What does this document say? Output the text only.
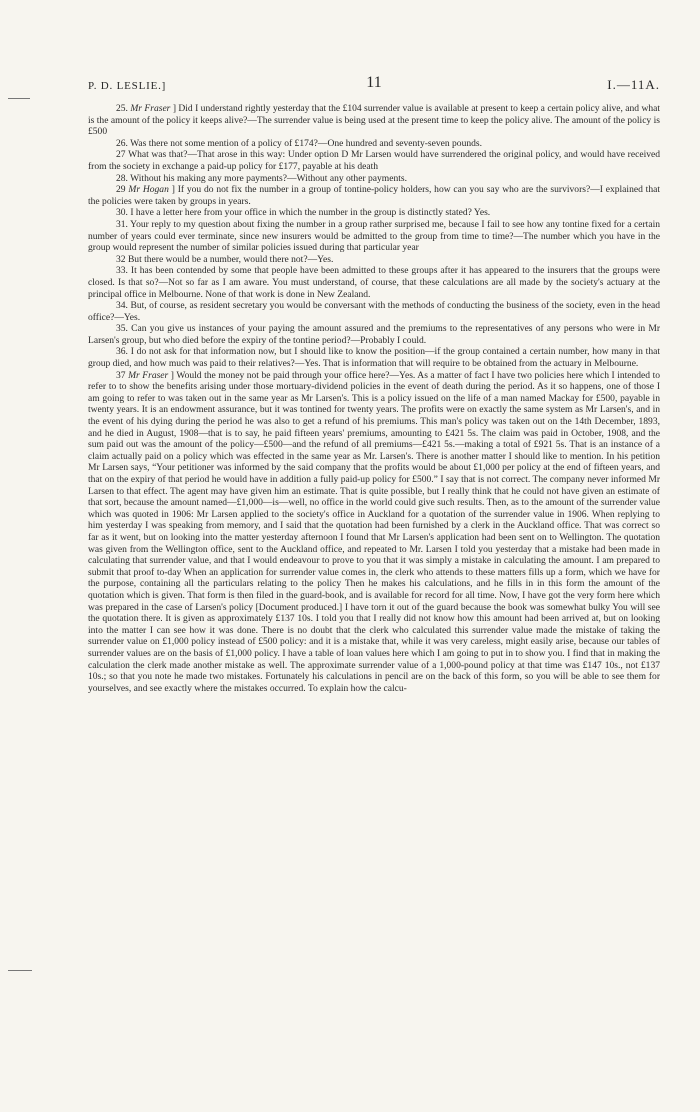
P. D. LESLIE.]	11	I.—11A.

25. Mr Fraser ] Did I understand rightly yesterday that the £104 surrender value is available at present to keep a certain policy alive, and what is the amount of the policy it keeps alive?—The surrender value is being used at the present time to keep the policy alive. The amount of the policy is £500

26. Was there not some mention of a policy of £174?—One hundred and seventy-seven pounds.

27 What was that?—That arose in this way: Under option D Mr Larsen would have surrendered the original policy, and would have received from the society in exchange a paid-up policy for £177, payable at his death

28. Without his making any more payments?—Without any other payments.

29 Mr Hogan ] If you do not fix the number in a group of tontine-policy holders, how can you say who are the survivors?—I explained that the policies were taken by groups in years.

30. I have a letter here from your office in which the number in the group is distinctly stated? Yes.

31. Your reply to my question about fixing the number in a group rather surprised me, because I fail to see how any tontine fixed for a certain number of years could ever terminate, since new insurers would be admitted to the group from time to time?—The number which you have in the group would represent the number of similar policies issued during that particular year

32 But there would be a number, would there not?—Yes.

33. It has been contended by some that people have been admitted to these groups after it has appeared to the insurers that the groups were closed. Is that so?—Not so far as I am aware. You must understand, of course, that these calculations are all made by the society's actuary at the principal office in Melbourne. None of that work is done in New Zealand.

34. But, of course, as resident secretary you would be conversant with the methods of conducting the business of the society, even in the head office?—Yes.

35. Can you give us instances of your paying the amount assured and the premiums to the representatives of any persons who were in Mr Larsen's group, but who died before the expiry of the tontine period?—Probably I could.

36. I do not ask for that information now, but I should like to know the position—if the group contained a certain number, how many in that group died, and how much was paid to their relatives?—Yes. That is information that will require to be obtained from the actuary in Melbourne.

37 Mr Fraser ] Would the money not be paid through your office here?—Yes. As a matter of fact I have two policies here which I intended to refer to to show the benefits arising under those mortuary-dividend policies in the event of death during the period. As it so happens, one of those I am going to refer to was taken out in the same year as Mr Larsen's. This is a policy issued on the life of a man named Mackay for £500, payable in twenty years. It is an endowment assurance, but it was tontined for twenty years. The profits were on exactly the same system as Mr Larsen's, and in the event of his dying during the period he was also to get a refund of his premiums. This man's policy was taken out on the 14th December, 1893, and he died in August, 1908—that is to say, he paid fifteen years' premiums, amounting to £421 5s. The claim was paid in October, 1908, and the sum paid out was the amount of the policy—£500—and the refund of all premiums—£421 5s.—making a total of £921 5s. That is an instance of a claim actually paid on a policy which was effected in the same year as Mr. Larsen's. There is another matter I should like to mention. In his petition Mr Larsen says, “Your petitioner was informed by the said company that the profits would be about £1,000 per policy at the end of fifteen years, and that on the expiry of that period he would have in addition a fully paid-up policy for £500.” I say that is not correct. The company never informed Mr Larsen to that effect. The agent may have given him an estimate. That is quite possible, but I really think that he could not have given an estimate of that sort, because the amount named—£1,000—is—well, no office in the world could give such results. Then, as to the amount of the surrender value which was quoted in 1906: Mr Larsen applied to the society's office in Auckland for a quotation of the surrender value in 1906. When replying to him yesterday I was speaking from memory, and I said that the quotation had been furnished by a clerk in the Auckland office. That was correct so far as it went, but on looking into the matter yesterday afternoon I found that Mr Larsen's application had been sent on to Wellington. The quotation was given from the Wellington office, sent to the Auckland office, and repeated to Mr. Larsen I told you yesterday that a mistake had been made in calculating that surrender value, and that I would endeavour to prove to you that it was simply a mistake in calculating the amount. I am prepared to submit that proof to-day When an application for surrender value comes in, the clerk who attends to these matters fills up a form, which we have for the purpose, containing all the particulars relating to the policy Then he makes his calculations, and he fills in in this form the amount of the quotation which is given. That form is then filed in the guard-book, and is available for record for all time. Now, I have got the very form here which was prepared in the case of Larsen's policy [Document produced.] I have torn it out of the guard because the book was somewhat bulky You will see the quotation there. It is given as approximately £137 10s. I told you that I really did not know how this amount had been arrived at, but on looking into the matter I can see how it was done. There is no doubt that the clerk who calculated this surrender value made the mistake of taking the surrender value on £1,000 policy instead of £500 policy: and it is a mistake that, while it was very careless, might easily arise, because our tables of surrender values are on the basis of £1,000 policy. I have a table of loan values here which I am going to put in to show you. I find that in making the calculation the clerk made another mistake as well. The approximate surrender value of a 1,000-pound policy at that time was £147 10s., not £137 10s.; so that you note he made two mistakes. Fortunately his calculations in pencil are on the back of this form, so you will be able to see them for yourselves, and see exactly where the mistakes occurred. To explain how the calcu-
